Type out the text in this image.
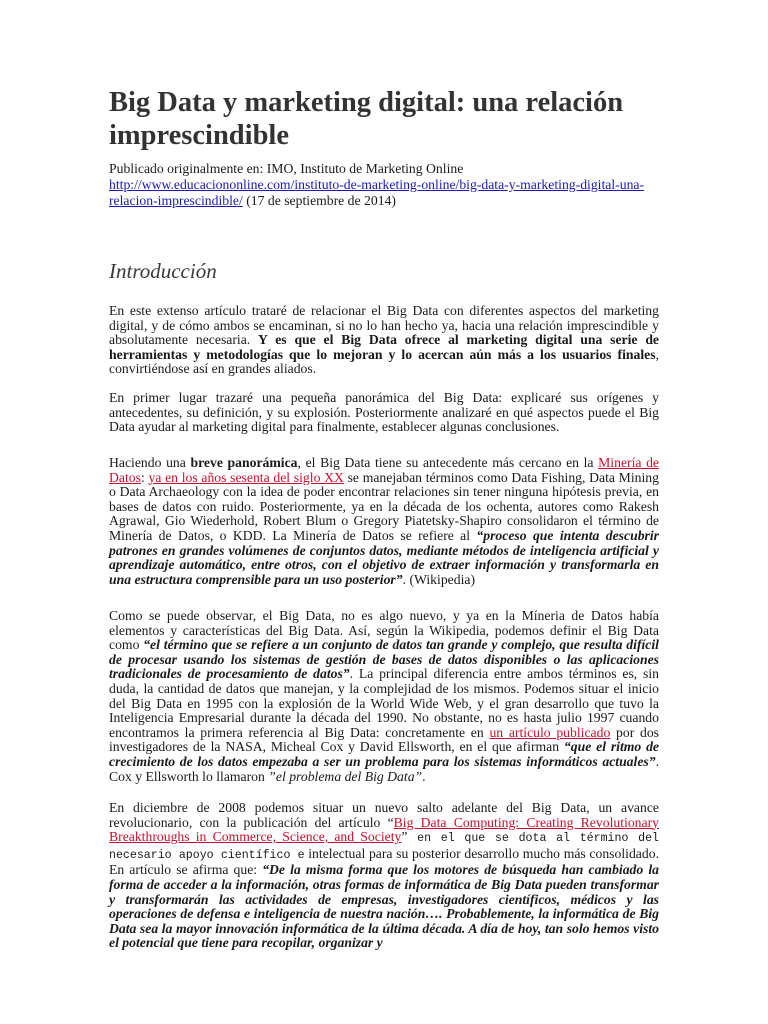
Big Data y marketing digital: una relación imprescindible
Publicado originalmente en: IMO, Instituto de Marketing Online
http://www.educaciononline.com/instituto-de-marketing-online/big-data-y-marketing-digital-una-relacion-imprescindible/ (17 de septiembre de 2014)
Introducción

En este extenso artículo trataré de relacionar el Big Data con diferentes aspectos del marketing digital, y de cómo ambos se encaminan, si no lo han hecho ya, hacia una relación imprescindible y absolutamente necesaria. Y es que el Big Data ofrece al marketing digital una serie de herramientas y metodologías que lo mejoran y lo acercan aún más a los usuarios finales, convirtiéndose así en grandes aliados.

En primer lugar trazaré una pequeña panorámica del Big Data: explicaré sus orígenes y antecedentes, su definición, y su explosión. Posteriormente analizaré en qué aspectos puede el Big Data ayudar al marketing digital para finalmente, establecer algunas conclusiones.

Haciendo una breve panorámica, el Big Data tiene su antecedente más cercano en la Minería de Datos: ya en los años sesenta del siglo XX se manejaban términos como Data Fishing, Data Mining o Data Archaeology con la idea de poder encontrar relaciones sin tener ninguna hipótesis previa, en bases de datos con ruido. Posteriormente, ya en la década de los ochenta, autores como Rakesh Agrawal, Gio Wiederhold, Robert Blum o Gregory Piatetsky-Shapiro consolidaron el término de Minería de Datos, o KDD. La Minería de Datos se refiere al “proceso que intenta descubrir patrones en grandes volúmenes de conjuntos datos, mediante métodos de inteligencia artificial y aprendizaje automático, entre otros, con el objetivo de extraer información y transformarla en una estructura comprensible para un uso posterior”. (Wikipedia)

Como se puede observar, el Big Data, no es algo nuevo, y ya en la Míneria de Datos había elementos y características del Big Data. Así, según la Wikipedia, podemos definir el Big Data como “el término que se refiere a un conjunto de datos tan grande y complejo, que resulta difícil de procesar usando los sistemas de gestión de bases de datos disponibles o las aplicaciones tradicionales de procesamiento de datos”. La principal diferencia entre ambos términos es, sin duda, la cantidad de datos que manejan, y la complejidad de los mismos. Podemos situar el inicio del Big Data en 1995 con la explosión de la World Wide Web, y el gran desarrollo que tuvo la Inteligencia Empresarial durante la década del 1990. No obstante, no es hasta julio 1997 cuando encontramos la primera referencia al Big Data: concretamente en un artículo publicado por dos investigadores de la NASA, Micheal Cox y David Ellsworth, en el que afirman “que el ritmo de crecimiento de los datos empezaba a ser un problema para los sistemas informáticos actuales”. Cox y Ellsworth lo llamaron ”el problema del Big Data”.

En diciembre de 2008 podemos situar un nuevo salto adelante del Big Data, un avance revolucionario, con la publicación del artículo “Big Data Computing: Creating Revolutionary Breakthroughs in Commerce, Science, and Society” en el que se dota al término del necesario apoyo científico e intelectual para su posterior desarrollo mucho más consolidado. En artículo se afirma que: “De la misma forma que los motores de búsqueda han cambiado la forma de acceder a la información, otras formas de informática de Big Data pueden transformar y transformarán las actividades de empresas, investigadores científicos, médicos y las operaciones de defensa e inteligencia de nuestra nación…. Probablemente, la informática de Big Data sea la mayor innovación informática de la última década. A día de hoy, tan solo hemos visto el potencial que tiene para recopilar, organizar y
